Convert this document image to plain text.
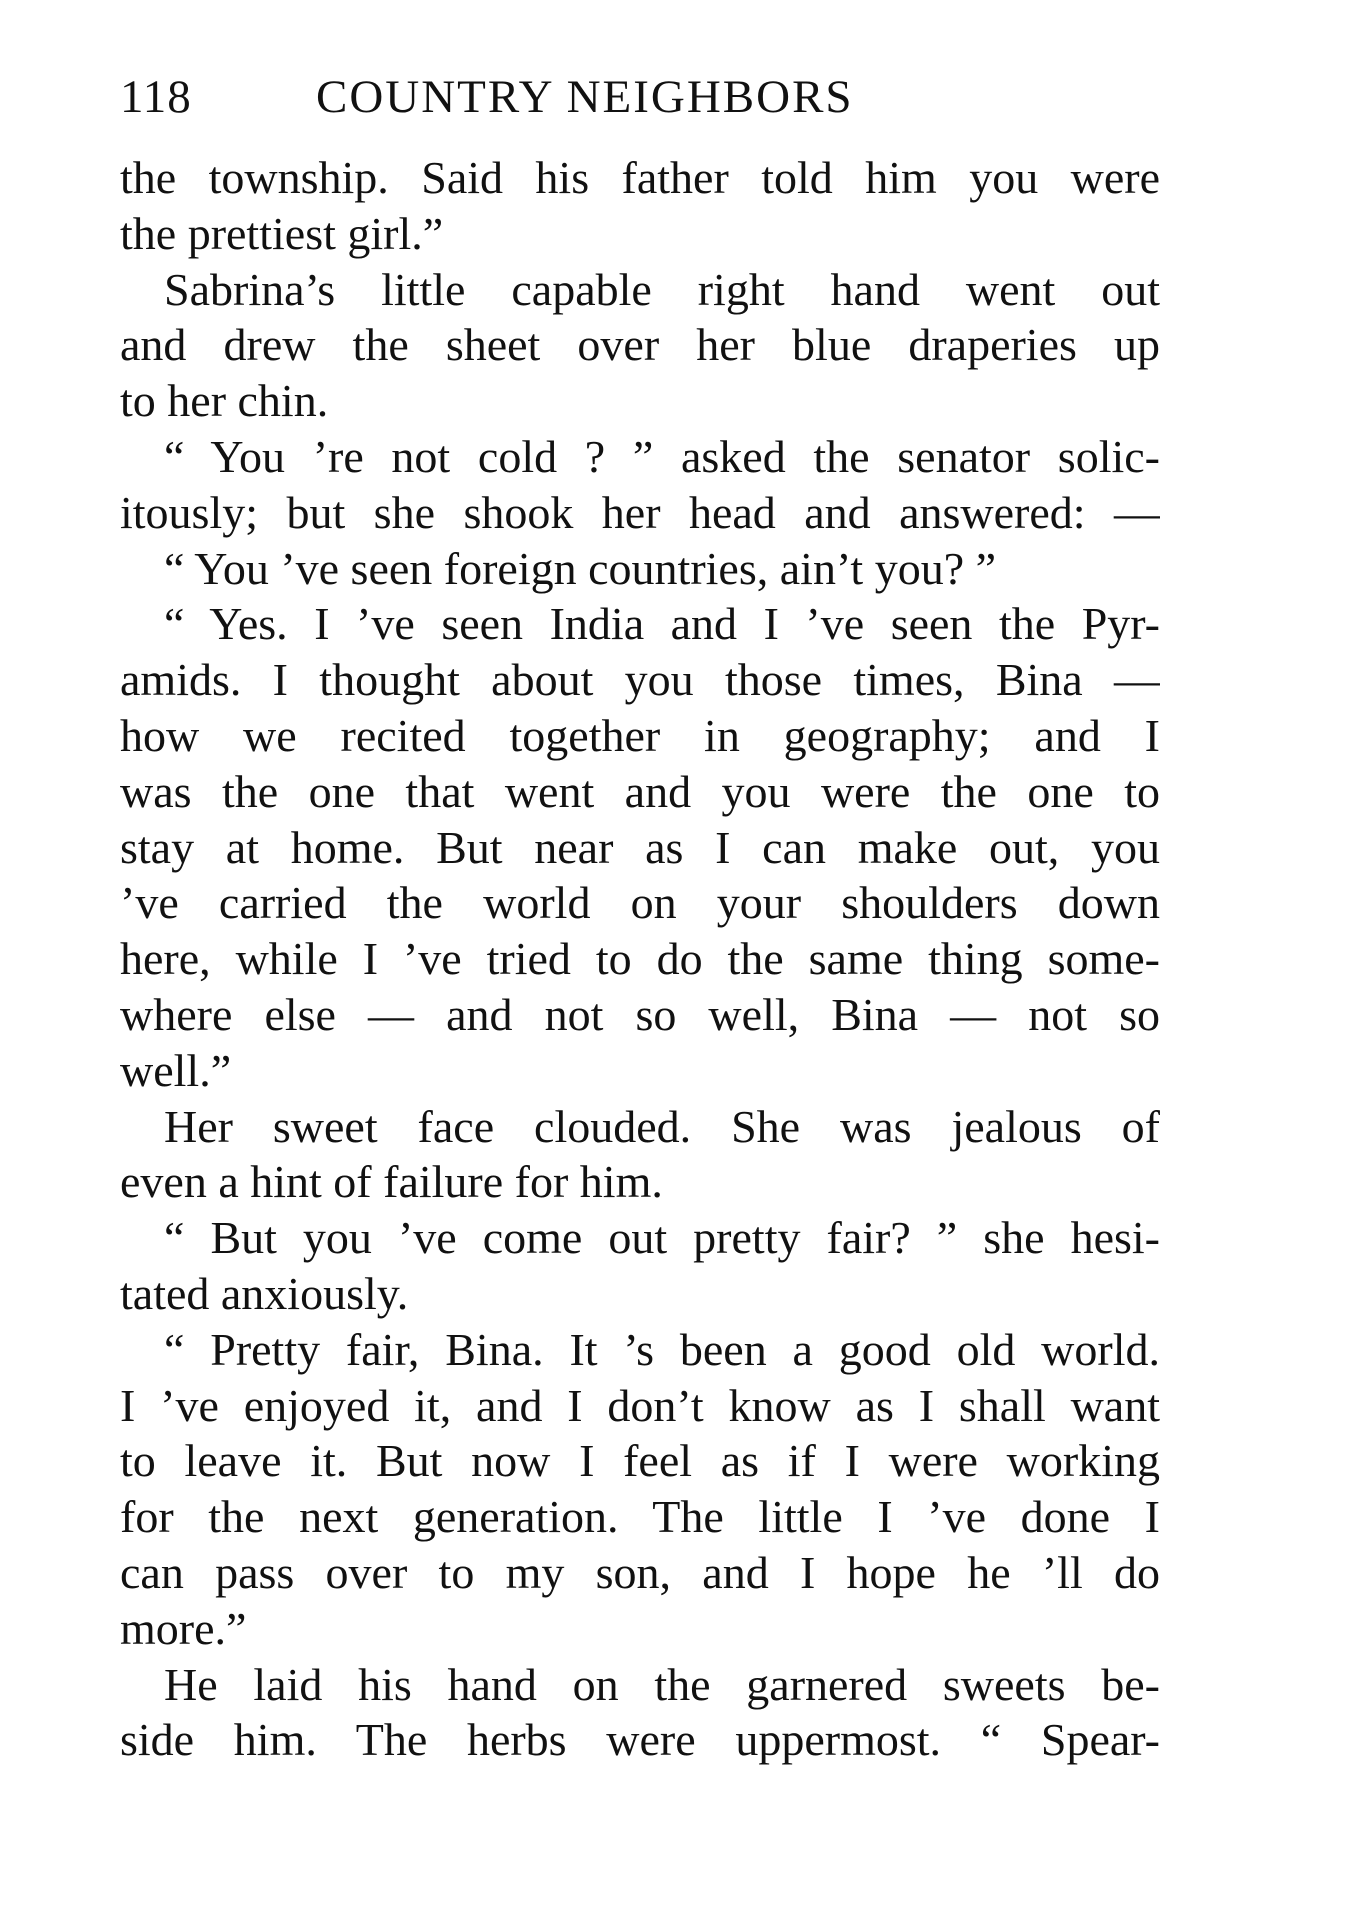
118	COUNTRY NEIGHBORS
the township. Said his father told him you were
the prettiest girl.”
Sabrina’s little capable right hand went out
and drew the sheet over her blue draperies up
to her chin.
“ You ’re not cold ? ” asked the senator solic-
itously; but she shook her head and answered: —
“ You ’ve seen foreign countries, ain’t you? ”
“ Yes. I ’ve seen India and I ’ve seen the Pyr-
amids. I thought about you those times, Bina —
how we recited together in geography; and I
was the one that went and you were the one to
stay at home. But near as I can make out, you
’ve carried the world on your shoulders down
here, while I ’ve tried to do the same thing some-
where else — and not so well, Bina — not so
well.”
Her sweet face clouded. She was jealous of
even a hint of failure for him.
“ But you ’ve come out pretty fair? ” she hesi-
tated anxiously.
“ Pretty fair, Bina. It ’s been a good old world.
I ’ve enjoyed it, and I don’t know as I shall want
to leave it. But now I feel as if I were working
for the next generation. The little I ’ve done I
can pass over to my son, and I hope he ’ll do
more.”
He laid his hand on the garnered sweets be-
side him. The herbs were uppermost. “ Spear-
